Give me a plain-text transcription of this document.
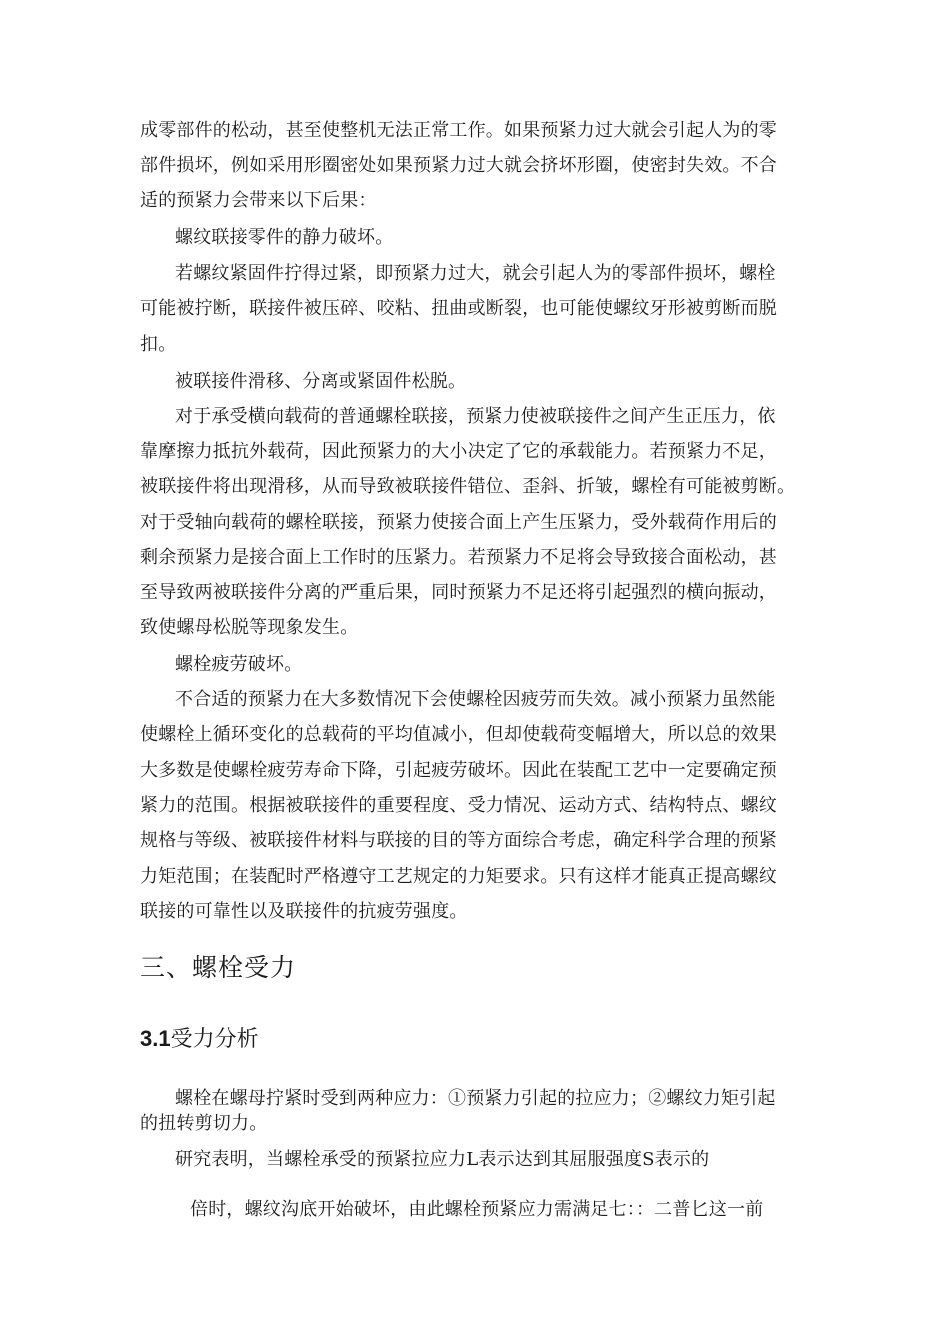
成零部件的松动，甚至使整机无法正常工作。如果预紧力过大就会引起人为的零
部件损坏，例如采用形圈密处如果预紧力过大就会挤坏形圈，使密封失效。不合
适的预紧力会带来以下后果：
螺纹联接零件的静力破坏。
若螺纹紧固件拧得过紧，即预紧力过大，就会引起人为的零部件损坏，螺栓
可能被拧断，联接件被压碎、咬粘、扭曲或断裂，也可能使螺纹牙形被剪断而脱
扣。
被联接件滑移、分离或紧固件松脱。
对于承受横向载荷的普通螺栓联接，预紧力使被联接件之间产生正压力，依
靠摩擦力抵抗外载荷，因此预紧力的大小决定了它的承载能力。若预紧力不足，
被联接件将出现滑移，从而导致被联接件错位、歪斜、折皱，螺栓有可能被剪断。
对于受轴向载荷的螺栓联接，预紧力使接合面上产生压紧力，受外载荷作用后的
剩余预紧力是接合面上工作时的压紧力。若预紧力不足将会导致接合面松动，甚
至导致两被联接件分离的严重后果，同时预紧力不足还将引起强烈的横向振动，
致使螺母松脱等现象发生。
螺栓疲劳破坏。
不合适的预紧力在大多数情况下会使螺栓因疲劳而失效。减小预紧力虽然能
使螺栓上循环变化的总载荷的平均值减小，但却使载荷变幅增大，所以总的效果
大多数是使螺栓疲劳寿命下降，引起疲劳破坏。因此在装配工艺中一定要确定预
紧力的范围。根据被联接件的重要程度、受力情况、运动方式、结构特点、螺纹
规格与等级、被联接件材料与联接的目的等方面综合考虑，确定科学合理的预紧
力矩范围；在装配时严格遵守工艺规定的力矩要求。只有这样才能真正提高螺纹
联接的可靠性以及联接件的抗疲劳强度。
三、螺栓受力
3.1受力分析
螺栓在螺母拧紧时受到两种应力：①预紧力引起的拉应力；②螺纹力矩引起
的扭转剪切力。
研究表明，当螺栓承受的预紧拉应力L表示达到其屈服强度S表示的
倍时，螺纹沟底开始破坏，由此螺栓预紧应力需满足七：：二普匕这一前
